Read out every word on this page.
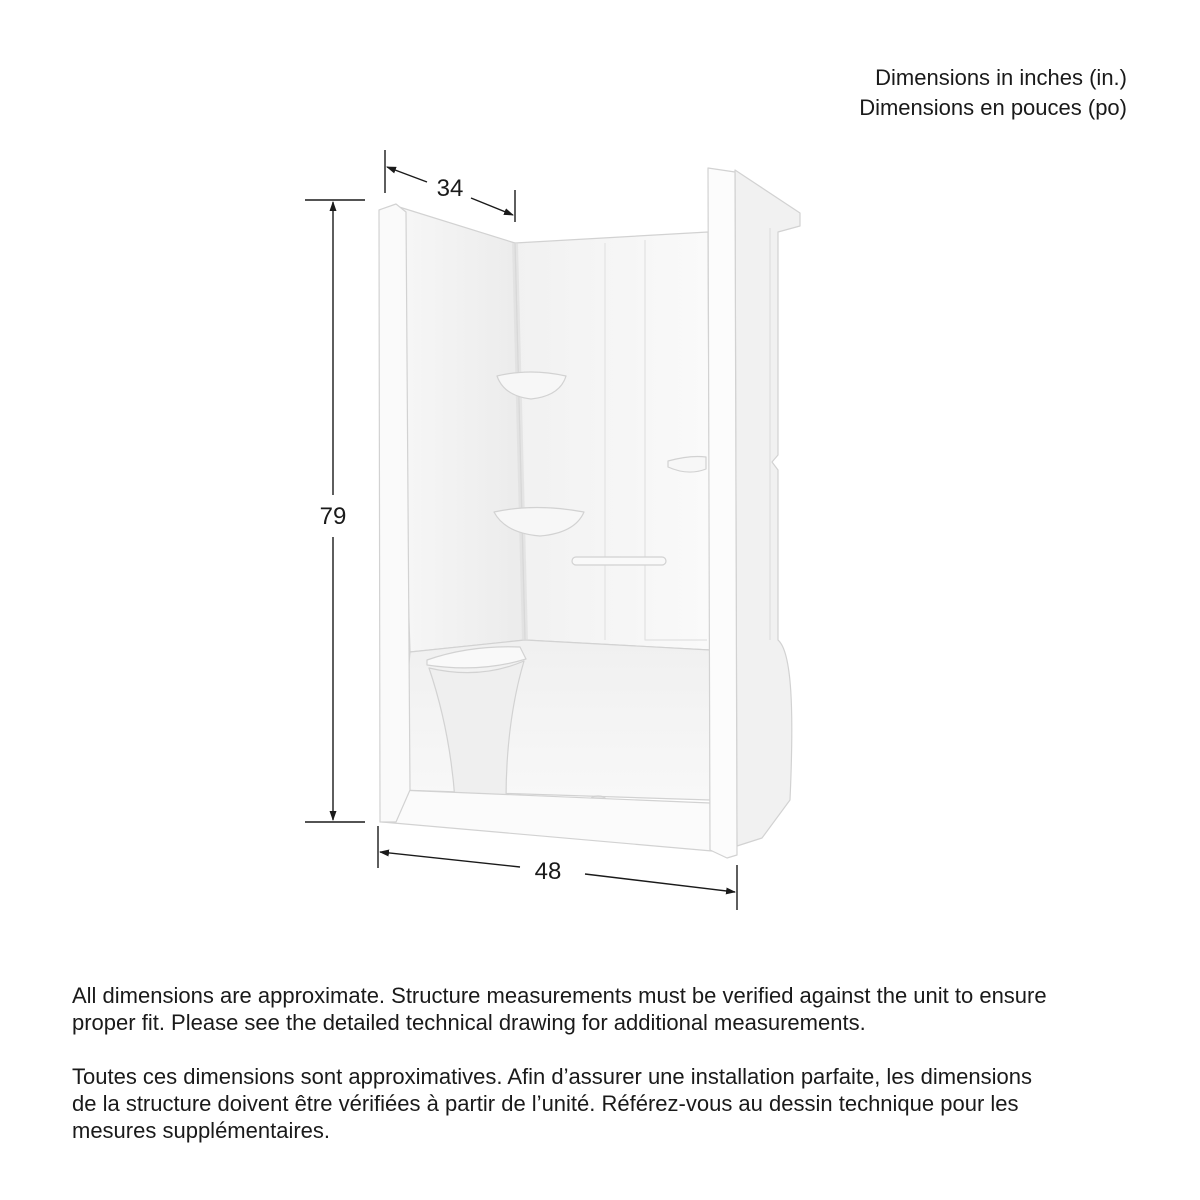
34
79
48
Dimensions in inches (in.)
Dimensions en pouces (po)
All dimensions are approximate. Structure measurements must be verified against the unit to ensure
proper fit. Please see the detailed technical drawing for additional measurements.
Toutes ces dimensions sont approximatives. Afin d’assurer une installation parfaite, les dimensions
de la structure doivent être vérifiées à partir de l’unité. Référez-vous au dessin technique pour les
mesures supplémentaires.
